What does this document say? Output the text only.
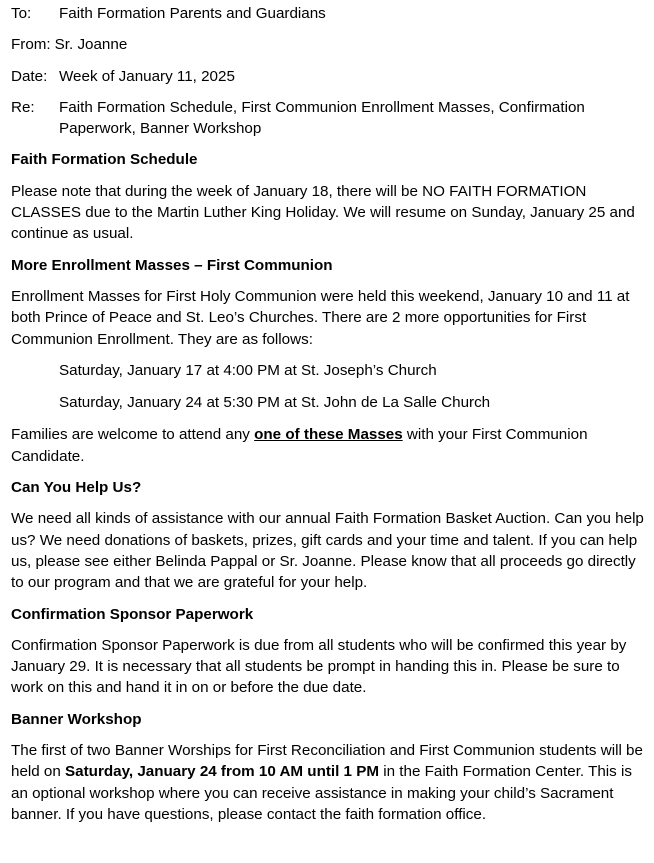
To:	Faith Formation Parents and Guardians
From: Sr. Joanne
Date: Week of January 11, 2025
Re:	Faith Formation Schedule, First Communion Enrollment Masses, Confirmation Paperwork, Banner Workshop
Faith Formation Schedule
Please note that during the week of January 18, there will be NO FAITH FORMATION CLASSES due to the Martin Luther King Holiday. We will resume on Sunday, January 25 and continue as usual.
More Enrollment Masses – First Communion
Enrollment Masses for First Holy Communion were held this weekend, January 10 and 11 at both Prince of Peace and St. Leo’s Churches. There are 2 more opportunities for First Communion Enrollment. They are as follows:
Saturday, January 17 at 4:00 PM at St. Joseph’s Church
Saturday, January 24 at 5:30 PM at St. John de La Salle Church
Families are welcome to attend any one of these Masses with your First Communion Candidate.
Can You Help Us?
We need all kinds of assistance with our annual Faith Formation Basket Auction. Can you help us? We need donations of baskets, prizes, gift cards and your time and talent. If you can help us, please see either Belinda Pappal or Sr. Joanne. Please know that all proceeds go directly to our program and that we are grateful for your help.
Confirmation Sponsor Paperwork
Confirmation Sponsor Paperwork is due from all students who will be confirmed this year by January 29. It is necessary that all students be prompt in handing this in. Please be sure to work on this and hand it in on or before the due date.
Banner Workshop
The first of two Banner Worships for First Reconciliation and First Communion students will be held on Saturday, January 24 from 10 AM until 1 PM in the Faith Formation Center. This is an optional workshop where you can receive assistance in making your child’s Sacrament banner. If you have questions, please contact the faith formation office.
